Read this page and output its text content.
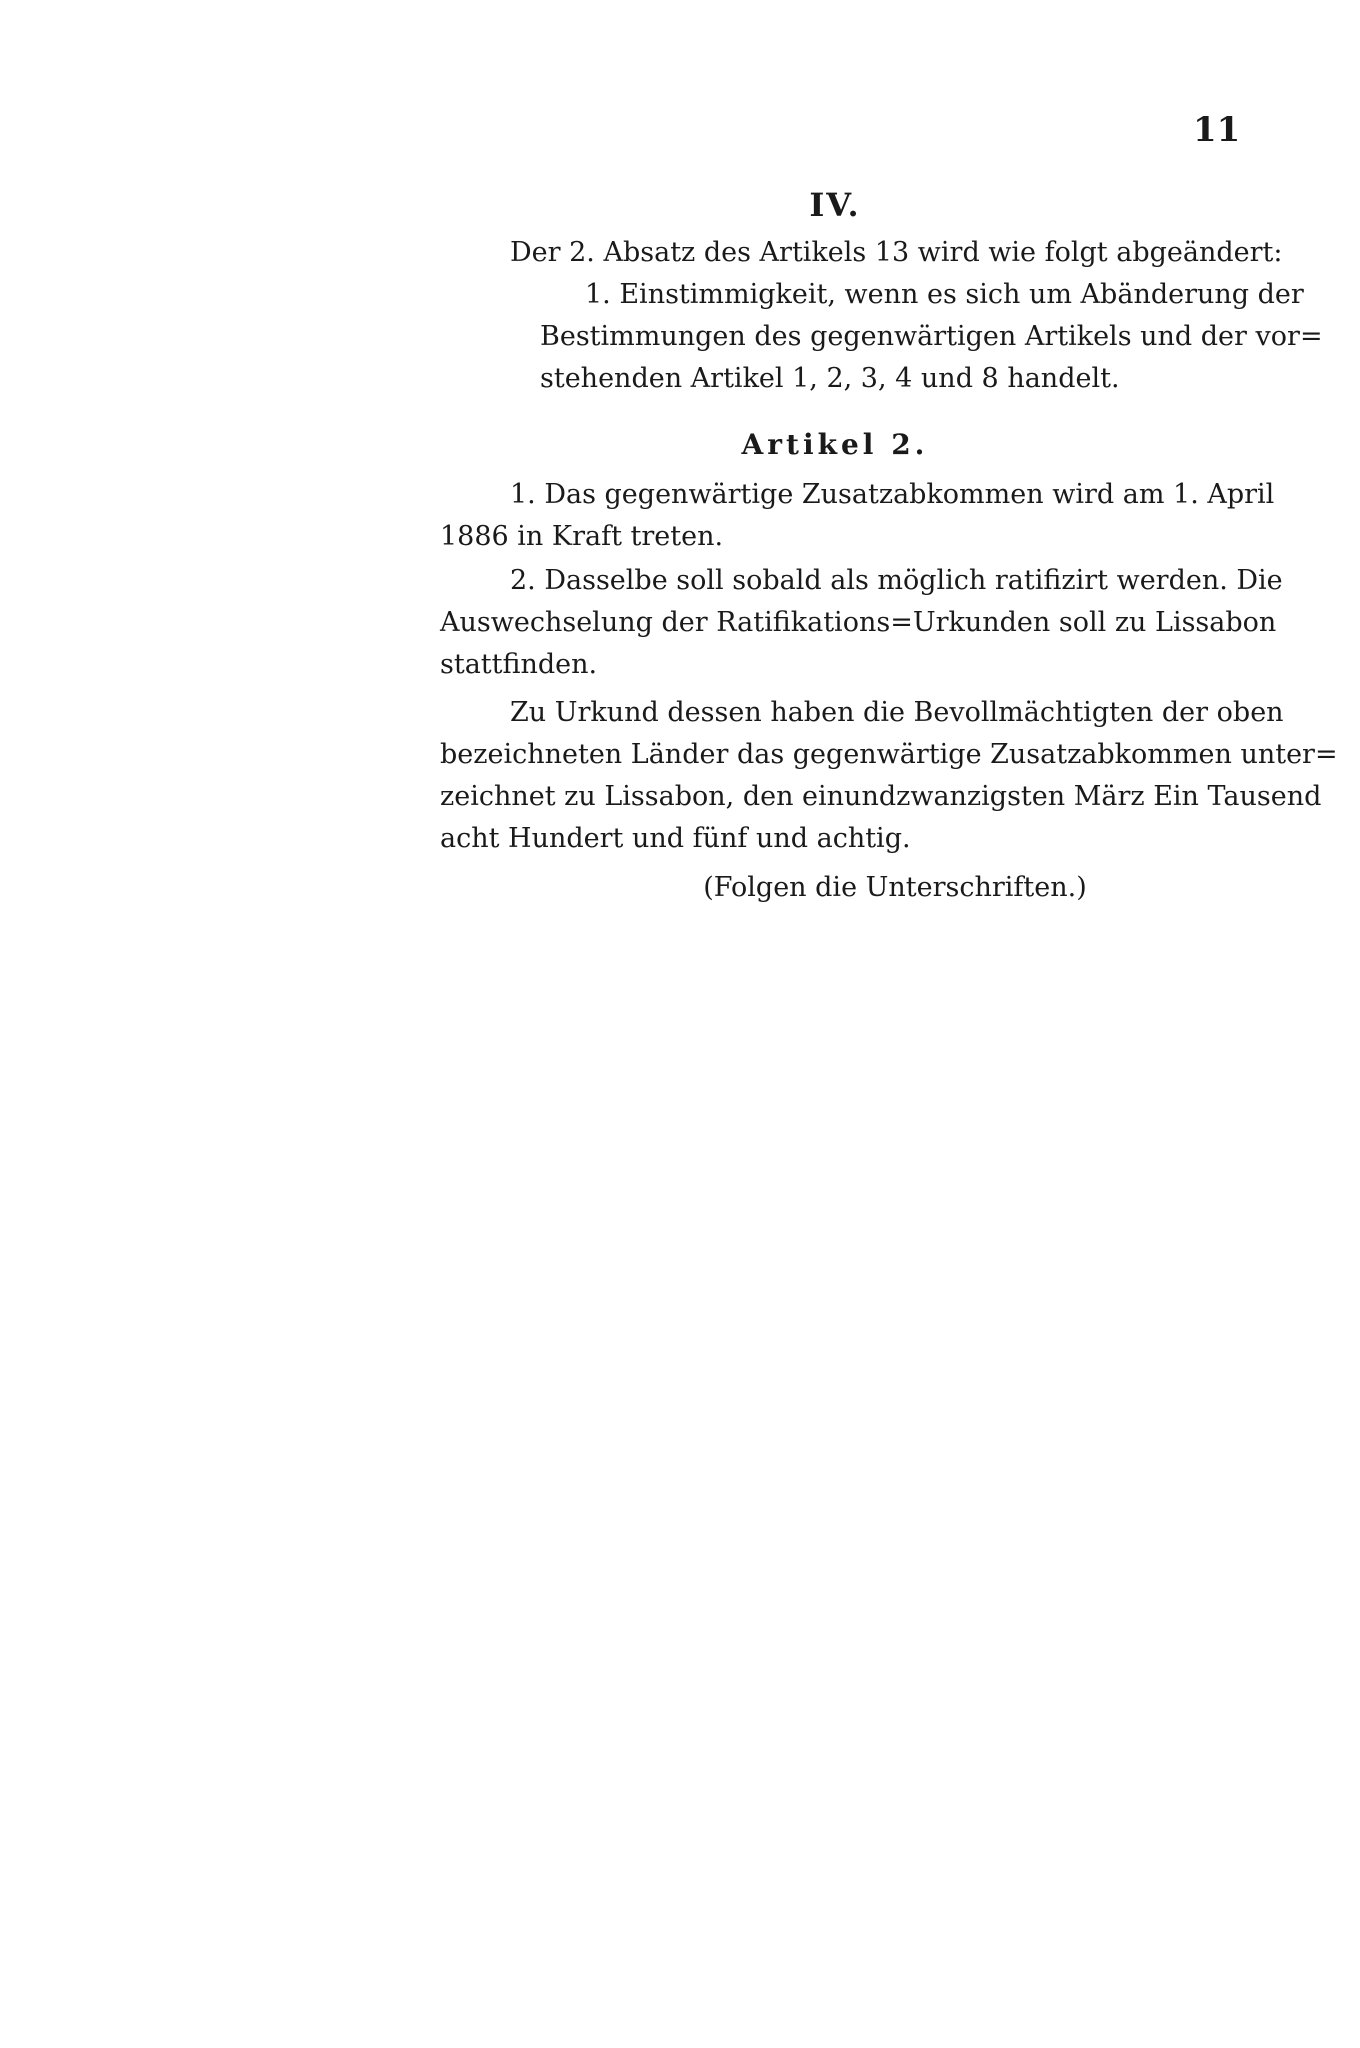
11
IV.
Der 2. Absatz des Artikels 13 wird wie folgt abgeändert:
1. Einstimmigkeit, wenn es sich um Abänderung der
Bestimmungen des gegenwärtigen Artikels und der vor=
stehenden Artikel 1, 2, 3, 4 und 8 handelt.
Artikel 2.
1. Das gegenwärtige Zusatzabkommen wird am 1. April
1886 in Kraft treten.
2. Dasselbe soll sobald als möglich ratifizirt werden. Die
Auswechselung der Ratifikations=Urkunden soll zu Lissabon
stattfinden.
Zu Urkund dessen haben die Bevollmächtigten der oben
bezeichneten Länder das gegenwärtige Zusatzabkommen unter=
zeichnet zu Lissabon, den einundzwanzigsten März Ein Tausend
acht Hundert und fünf und achtig.
(Folgen die Unterschriften.)
